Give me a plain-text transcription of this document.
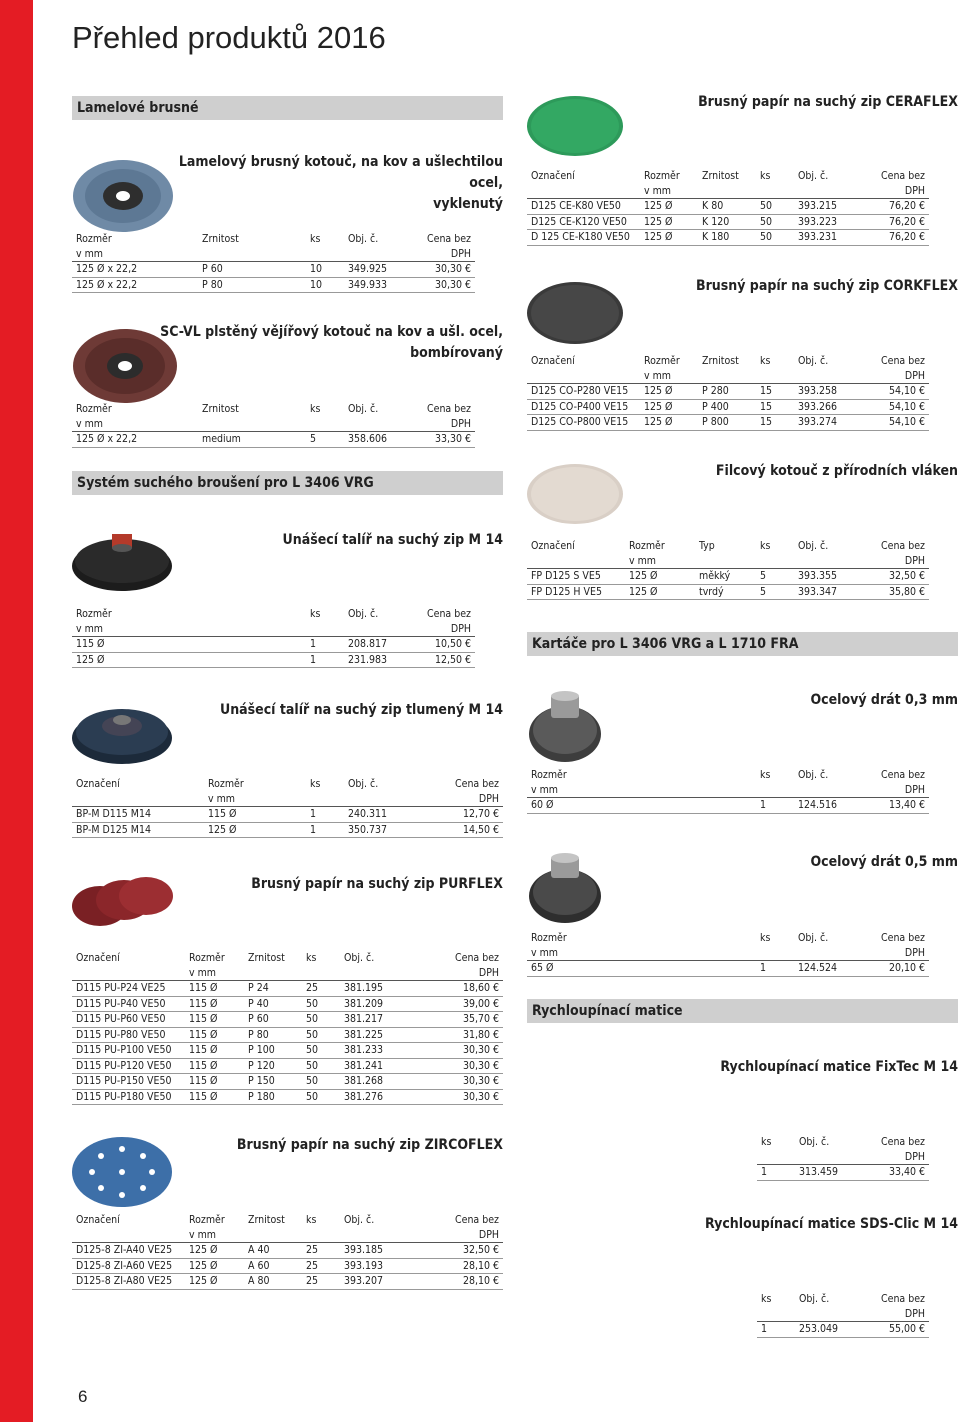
Přehled produktů 2016
Lamelové brusné
Systém suchého broušení pro L 3406 VRG
Kartáče pro L 3406 VRG a L 1710 FRA
Rychloupínací matice
Lamelový brusný kotouč, na kov a ušlechtilou ocel,
vyklenutý
Rozměr
v mm	Zrnitost	ks	Obj. č.	Cena bez
DPH
125 Ø x 22,2	P 60	10	349.925	30,30 €
125 Ø x 22,2	P 80	10	349.933	30,30 €
SC-VL plstěný vějířový kotouč na kov a ušl. ocel,
bombírovaný
Rozměr
v mm	Zrnitost	ks	Obj. č.	Cena bez
DPH
125 Ø x 22,2	medium	5	358.606	33,30 €
Unášecí talíř na suchý zip M 14
Rozměr
v mm	ks	Obj. č.	Cena bez
DPH
115 Ø	1	208.817	10,50 €
125 Ø	1	231.983	12,50 €
Unášecí talíř na suchý zip tlumený M 14
Označení	Rozměr
v mm	ks	Obj. č.	Cena bez
DPH
BP-M D115 M14	115 Ø	1	240.311	12,70 €
BP-M D125 M14	125 Ø	1	350.737	14,50 €
Brusný papír na suchý zip PURFLEX
Označení	Rozměr
v mm	Zrnitost	ks	Obj. č.	Cena bez
DPH
D115 PU-P24 VE25	115 Ø	P 24	25	381.195	18,60 €
D115 PU-P40 VE50	115 Ø	P 40	50	381.209	39,00 €
D115 PU-P60 VE50	115 Ø	P 60	50	381.217	35,70 €
D115 PU-P80 VE50	115 Ø	P 80	50	381.225	31,80 €
D115 PU-P100 VE50	115 Ø	P 100	50	381.233	30,30 €
D115 PU-P120 VE50	115 Ø	P 120	50	381.241	30,30 €
D115 PU-P150 VE50	115 Ø	P 150	50	381.268	30,30 €
D115 PU-P180 VE50	115 Ø	P 180	50	381.276	30,30 €
Brusný papír na suchý zip ZIRCOFLEX
Označení	Rozměr
v mm	Zrnitost	ks	Obj. č.	Cena bez
DPH
D125-8 ZI-A40 VE25	125 Ø	A 40	25	393.185	32,50 €
D125-8 ZI-A60 VE25	125 Ø	A 60	25	393.193	28,10 €
D125-8 ZI-A80 VE25	125 Ø	A 80	25	393.207	28,10 €
Brusný papír na suchý zip CERAFLEX
Označení	Rozměr
v mm	Zrnitost	ks	Obj. č.	Cena bez
DPH
D125 CE-K80 VE50	125 Ø	K 80	50	393.215	76,20 €
D125 CE-K120 VE50	125 Ø	K 120	50	393.223	76,20 €
D 125 CE-K180 VE50	125 Ø	K 180	50	393.231	76,20 €
Brusný papír na suchý zip CORKFLEX
Označení	Rozměr
v mm	Zrnitost	ks	Obj. č.	Cena bez
DPH
D125 CO-P280 VE15	125 Ø	P 280	15	393.258	54,10 €
D125 CO-P400 VE15	125 Ø	P 400	15	393.266	54,10 €
D125 CO-P800 VE15	125 Ø	P 800	15	393.274	54,10 €
Filcový kotouč z přírodních vláken
Označení	Rozměr
v mm	Typ	ks	Obj. č.	Cena bez
DPH
FP D125 S VE5	125 Ø	měkký	5	393.355	32,50 €
FP D125 H VE5	125 Ø	tvrdý	5	393.347	35,80 €
Ocelový drát 0,3 mm
Rozměr
v mm	ks	Obj. č.	Cena bez
DPH
60 Ø	1	124.516	13,40 €
Ocelový drát 0,5 mm
Rozměr
v mm	ks	Obj. č.	Cena bez
DPH
65 Ø	1	124.524	20,10 €
Rychloupínací matice FixTec M 14
ks	Obj. č.	Cena bez
DPH
1	313.459	33,40 €
Rychloupínací matice SDS-Clic M 14
ks	Obj. č.	Cena bez
DPH
1	253.049	55,00 €
6
